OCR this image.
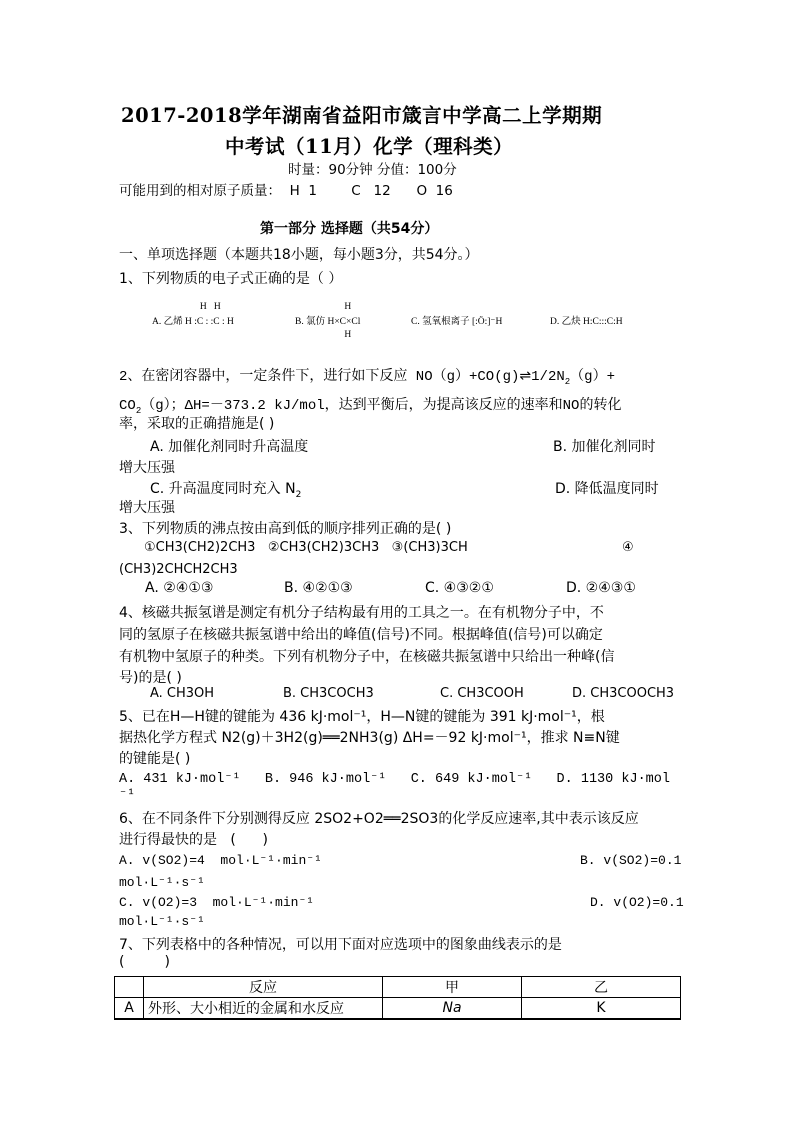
2017-2018学年湖南省益阳市箴言中学高二上学期期
中考试（11月）化学（理科类）
时量：90分钟 分值：100分
可能用到的相对原子质量：  H  1        C   12      O  16
第一部分 选择题（共54分）
一、单项选择题（本题共18小题，每小题3分，共54分。）
1、下列物质的电子式正确的是（ ）
A. 乙烯 H :C : :C : H
H   H
B. 氯仿 H×C×Cl
H
H
C. 氢氧根离子 [:Ö:]⁻H	D. 乙炔 H:C:::C:H
2、在密闭容器中，一定条件下，进行如下反应 $NO(g)+CO(g)\rightleftharpoons 1/2N_2(g)+$
$CO_2(g)$；ΔH=－373.2 kJ/mol，达到平衡后，为提高该反应的速率和NO的转化
率，采取的正确措施是( )
A. 加催化剂同时升高温度	B. 加催化剂同时
增大压强
C. 升高温度同时充入 $N_2$	D. 降低温度同时
增大压强
3、下列物质的沸点按由高到低的顺序排列正确的是( )
①CH3(CH2)2CH3   ②CH3(CH2)3CH3   ③(CH3)3CH	④
(CH3)2CHCH2CH3
A. ②④①③	B. ④②①③	C. ④③②①	D. ②④③①
4、核磁共振氢谱是测定有机分子结构最有用的工具之一。在有机物分子中，不
同的氢原子在核磁共振氢谱中给出的峰值(信号)不同。根据峰值(信号)可以确定
有机物中氢原子的种类。下列有机物分子中，在核磁共振氢谱中只给出一种峰(信
号)的是( )
A. CH3OH	B. CH3COCH3	C. CH3COOH	D. CH3COOCH3
5、已在H—H键的键能为 436 kJ·mol⁻¹，H—N键的键能为 391 kJ·mol⁻¹，根
据热化学方程式 N2(g)＋3H2(g)══2NH3(g) ΔH=－92 kJ·mol⁻¹，推求 N≡N键
的键能是( )
A. 431 kJ·mol⁻¹   B. 946 kJ·mol⁻¹   C. 649 kJ·mol⁻¹   D. 1130 kJ·mol
⁻¹
6、在不同条件下分别测得反应 2SO2+O2══2SO3的化学反应速率,其中表示该反应
进行得最快的是   (      )
A. v(SO2)=4  mol·L⁻¹·min⁻¹	B. v(SO2)=0.1
mol·L⁻¹·s⁻¹
C. v(O2)=3  mol·L⁻¹·min⁻¹	D. v(O2)=0.1
mol·L⁻¹·s⁻¹
7、下列表格中的各种情况，可以用下面对应选项中的图象曲线表示的是
(         )
	反应	甲	乙
A	外形、大小相近的金属和水反应	Na	K
